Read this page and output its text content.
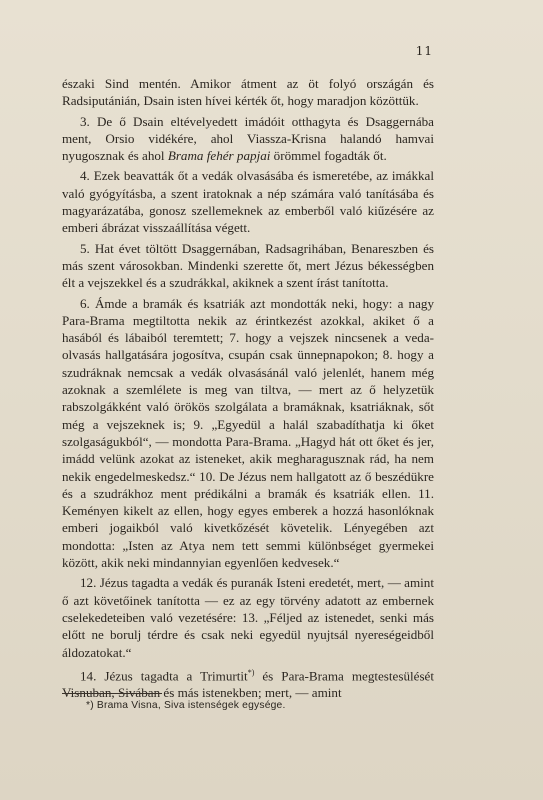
11

északi Sind mentén. Amikor átment az öt folyó országán és Radsiputánián, Dsain isten hívei kérték őt, hogy maradjon közöttük.

3. De ő Dsain eltévelyedett imádóit otthagyta és Dsaggernába ment, Orsio vidékére, ahol Viassza-Krisna halandó hamvai nyugosznak és ahol Brama fehér papjai örömmel fogadták őt.

4. Ezek beavatták őt a vedák olvasásába és ismeretébe, az imákkal való gyógyításba, a szent iratoknak a nép számára való tanításába és magyarázatába, gonosz szellemeknek az emberből való kiűzésére az emberi ábrázat visszaállítása végett.

5. Hat évet töltött Dsaggernában, Radsagrihában, Benareszben és más szent városokban. Mindenki szerette őt, mert Jézus békességben élt a vejszekkel és a szudrákkal, akiknek a szent írást tanította.

6. Ámde a bramák és ksatriák azt mondották neki, hogy: a nagy Para-Brama megtiltotta nekik az érintkezést azokkal, akiket ő a hasából és lábaiból teremtett; 7. hogy a vejszek nincsenek a veda-olvasás hallgatására jogosítva, csupán csak ünnepnapokon; 8. hogy a szudráknak nemcsak a vedák olvasásánál való jelenlét, hanem még azoknak a szemlélete is meg van tiltva, — mert az ő helyzetük rabszolgákként való örökös szolgálata a bramáknak, ksatriáknak, sőt még a vejszeknek is; 9. „Egyedül a halál szabadíthatja ki őket szolgaságukból“, — mondotta Para-Brama. „Hagyd hát ott őket és jer, imádd velünk azokat az isteneket, akik megharagusznak rád, ha nem nekik engedelmeskedsz.“ 10. De Jézus nem hallgatott az ő beszédükre és a szudrákhoz ment prédikálni a bramák és ksatriák ellen. 11. Keményen kikelt az ellen, hogy egyes emberek a hozzá hasonlóknak emberi jogaikból való kivetkőzését követelik. Lényegében azt mondotta: „Isten az Atya nem tett semmi különbséget gyermekei között, akik neki mindannyian egyenlően kedvesek.“

12. Jézus tagadta a vedák és puranák Isteni eredetét, mert, — amint ő azt követőinek tanította — ez az egy törvény adatott az embernek cselekedeteiben való vezetésére: 13. „Féljed az istenedet, senki más előtt ne borulj térdre és csak neki egyedül nyujtsál nyereségeidből áldozatokat.“

14. Jézus tagadta a Trimurtit*) és Para-Brama megtestesülését Visnuban, Sivában és más istenekben; mert, — amint

*) Brama Visna, Siva istenségek egysége.
